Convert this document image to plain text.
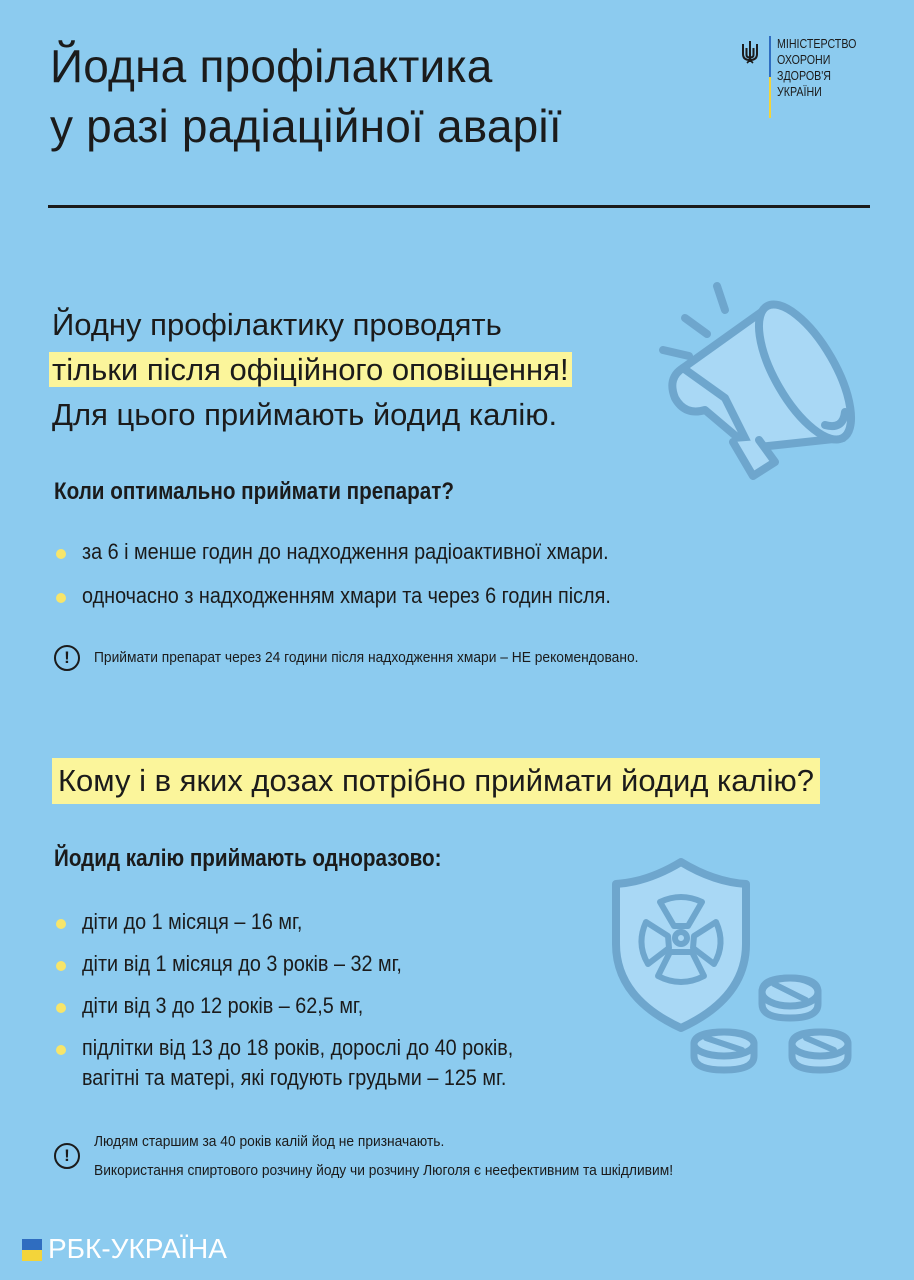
Йодна профілактика
у разі радіаційної аварії
МІНІСТЕРСТВО
ОХОРОНИ
ЗДОРОВ'Я
УКРАЇНИ
Йодну профілактику проводять
тільки після офіційного оповіщення!
Для цього приймають йодид калію.
Коли оптимально приймати препарат?
за 6 і менше годин до надходження радіоактивної хмари.
одночасно з надходженням хмари та через 6 годин після.
!	Приймати препарат через 24 години після надходження хмари – НЕ рекомендовано.
Кому і в яких дозах потрібно приймати йодид калію?
Йодид калію приймають одноразово:
діти до 1 місяця – 16 мг,
діти від 1 місяця до 3 років – 32 мг,
діти від 3 до 12 років – 62,5 мг,
підлітки від 13 до 18 років, дорослі до 40 років,
вагітні та матері, які годують грудьми – 125 мг.
!
Людям старшим за 40 років калій йод не призначають.
Використання спиртового розчину йоду чи розчину Люголя є неефективним та шкідливим!
РБК-УКРАЇНА
